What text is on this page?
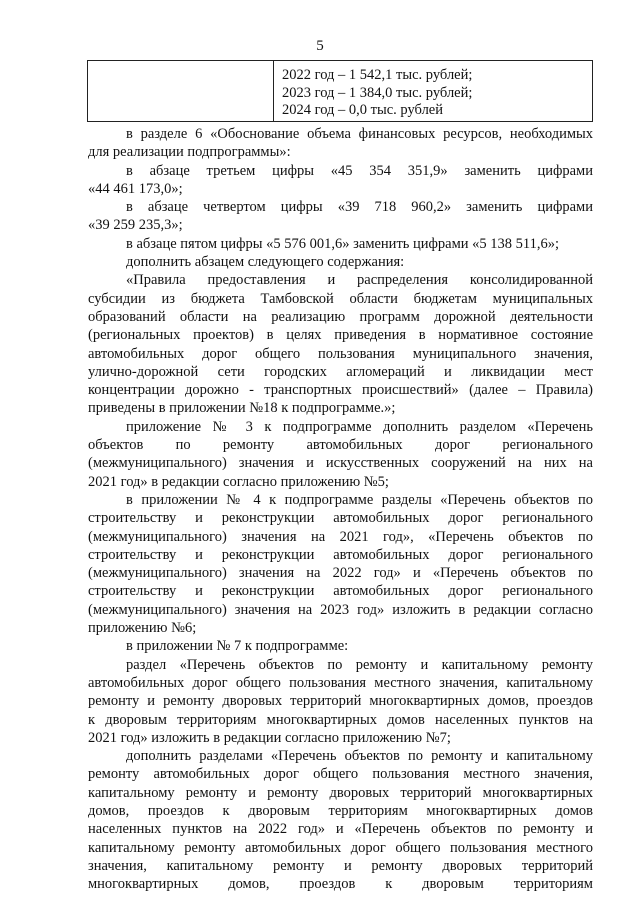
5
2022 год – 1 542,1 тыс. рублей;
2023 год – 1 384,0 тыс. рублей;
2024 год – 0,0 тыс. рублей
в разделе 6 «Обоснование объема финансовых ресурсов, необходимых
для реализации подпрограммы»:
в абзаце третьем цифры «45 354 351,9» заменить цифрами
«44 461 173,0»;
в абзаце четвертом цифры «39 718 960,2» заменить цифрами
«39 259 235,3»;
в абзаце пятом цифры «5 576 001,6» заменить цифрами «5 138 511,6»;
дополнить абзацем следующего содержания:
«Правила предоставления и распределения консолидированной
субсидии из бюджета Тамбовской области бюджетам муниципальных
образований области на реализацию программ дорожной деятельности
(региональных проектов) в целях приведения в нормативное состояние
автомобильных дорог общего пользования муниципального значения,
улично-дорожной сети городских агломераций и ликвидации мест
концентрации дорожно - транспортных происшествий» (далее – Правила)
приведены в приложении №18 к подпрограмме.»;
приложение № 3 к подпрограмме дополнить разделом «Перечень
объектов по ремонту автомобильных дорог регионального
(межмуниципального) значения и искусственных сооружений на них на
2021 год» в редакции согласно приложению №5;
в приложении № 4 к подпрограмме разделы «Перечень объектов по
строительству и реконструкции автомобильных дорог регионального
(межмуниципального) значения на 2021 год», «Перечень объектов по
строительству и реконструкции автомобильных дорог регионального
(межмуниципального) значения на 2022 год» и «Перечень объектов по
строительству и реконструкции автомобильных дорог регионального
(межмуниципального) значения на 2023 год» изложить в редакции согласно
приложению №6;
в приложении № 7 к подпрограмме:
раздел «Перечень объектов по ремонту и капитальному ремонту
автомобильных дорог общего пользования местного значения, капитальному
ремонту и ремонту дворовых территорий многоквартирных домов, проездов
к дворовым территориям многоквартирных домов населенных пунктов на
2021 год» изложить в редакции согласно приложению №7;
дополнить разделами «Перечень объектов по ремонту и капитальному
ремонту автомобильных дорог общего пользования местного значения,
капитальному ремонту и ремонту дворовых территорий многоквартирных
домов, проездов к дворовым территориям многоквартирных домов
населенных пунктов на 2022 год» и «Перечень объектов по ремонту и
капитальному ремонту автомобильных дорог общего пользования местного
значения, капитальному ремонту и ремонту дворовых территорий
многоквартирных домов, проездов к дворовым территориям
